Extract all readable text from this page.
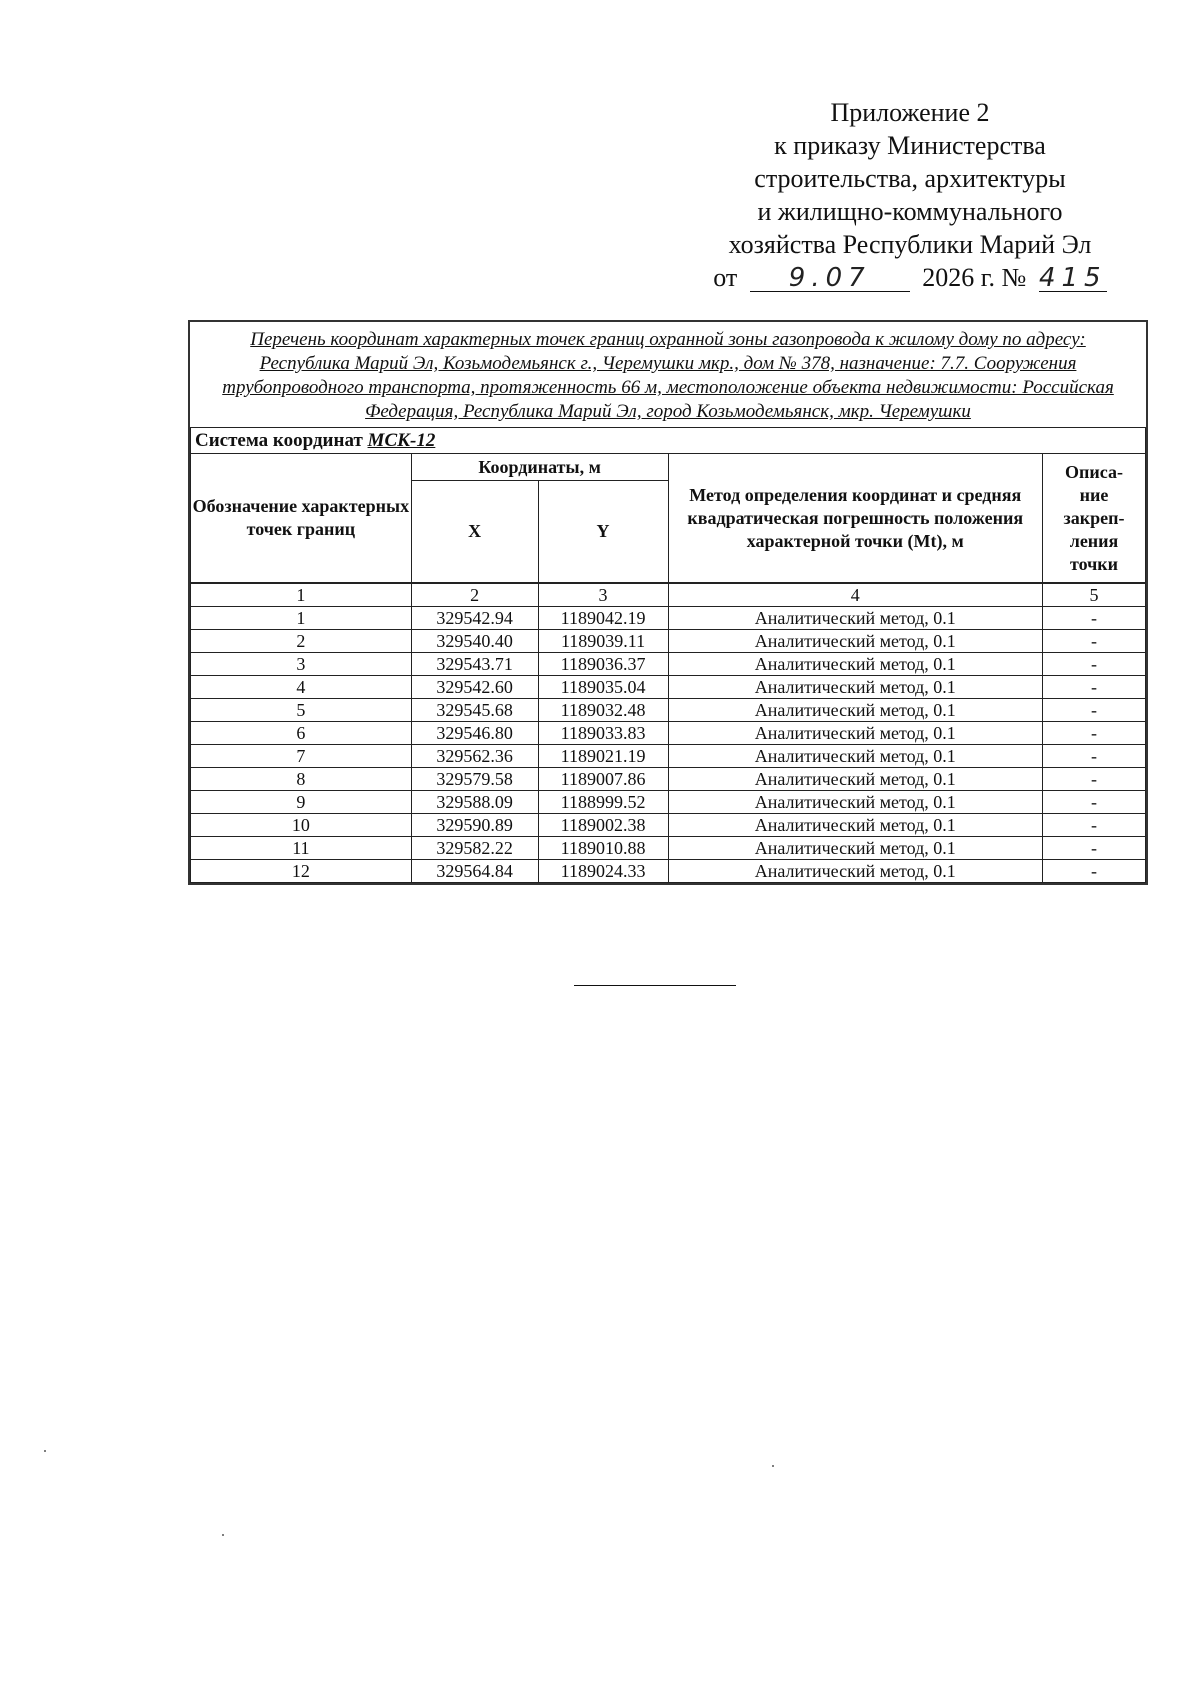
Приложение 2
к приказу Министерства
строительства, архитектуры
и жилищно-коммунального
хозяйства Республики Марий Эл
от 9.07 2026 г. № 415
Перечень координат характерных точек границ охранной зоны газопровода к жилому дому по адресу: Республика Марий Эл, Козьмодемьянск г., Черемушки мкр., дом № 378, назначение: 7.7. Сооружения трубопроводного транспорта, протяженность 66 м, местоположение объекта недвижимости: Российская Федерация, Республика Марий Эл, город Козьмодемьянск, мкр. Черемушки
Система координат МСК-12				
Обозначение характерных точек границ	Координаты, м		Метод определения координат и средняя квадратическая погрешность положения характерной точки (Mt), м	Описа-ние закреп-ления точки
	X	Y		
1	2	3	4	5
1	329542.94	1189042.19	Аналитический метод, 0.1	-
2	329540.40	1189039.11	Аналитический метод, 0.1	-
3	329543.71	1189036.37	Аналитический метод, 0.1	-
4	329542.60	1189035.04	Аналитический метод, 0.1	-
5	329545.68	1189032.48	Аналитический метод, 0.1	-
6	329546.80	1189033.83	Аналитический метод, 0.1	-
7	329562.36	1189021.19	Аналитический метод, 0.1	-
8	329579.58	1189007.86	Аналитический метод, 0.1	-
9	329588.09	1188999.52	Аналитический метод, 0.1	-
10	329590.89	1189002.38	Аналитический метод, 0.1	-
11	329582.22	1189010.88	Аналитический метод, 0.1	-
12	329564.84	1189024.33	Аналитический метод, 0.1	-
